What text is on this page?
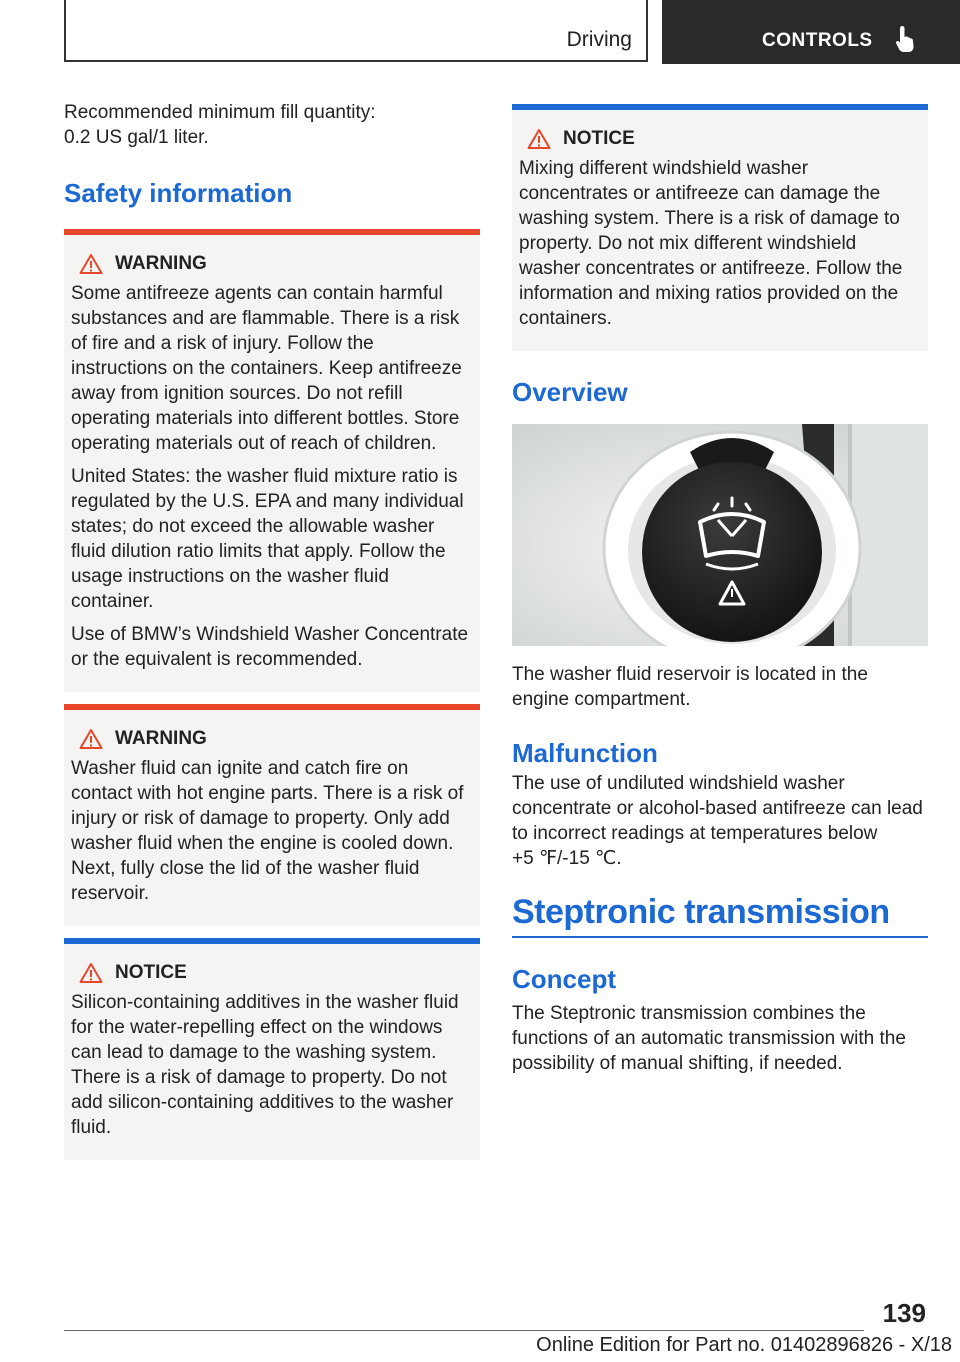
Driving	CONTROLS

Recommended minimum fill quantity:

0.2 US gal/1 liter.

Safety information
WARNING

Some antifreeze agents can contain harmful substances and are flammable. There is a risk of fire and a risk of injury. Follow the instructions on the containers. Keep antifreeze away from ignition sources. Do not refill operating materials into different bottles. Store operating materials out of reach of children.

United States: the washer fluid mixture ratio is regulated by the U.S. EPA and many individual states; do not exceed the allowable washer fluid dilution ratio limits that apply. Follow the usage instructions on the washer fluid container.

Use of BMW’s Windshield Washer Concentrate or the equivalent is recommended.

WARNING

Washer fluid can ignite and catch fire on contact with hot engine parts. There is a risk of injury or risk of damage to property. Only add washer fluid when the engine is cooled down. Next, fully close the lid of the washer fluid reservoir.

NOTICE

Silicon-containing additives in the washer fluid for the water-repelling effect on the windows can lead to damage to the washing system. There is a risk of damage to property. Do not add silicon-containing additives to the washer fluid.

NOTICE

Mixing different windshield washer concentrates or antifreeze can damage the washing system. There is a risk of damage to property. Do not mix different windshield washer concentrates or antifreeze. Follow the information and mixing ratios provided on the containers.

Overview

The washer fluid reservoir is located in the engine compartment.

Malfunction

The use of undiluted windshield washer concentrate or alcohol-based antifreeze can lead to incorrect readings at temperatures below

+5 ℉/-15 ℃.

Steptronic transmission
Concept

The Steptronic transmission combines the functions of an automatic transmission with the possibility of manual shifting, if needed.

139
Online Edition for Part no. 01402896826 - X/18
